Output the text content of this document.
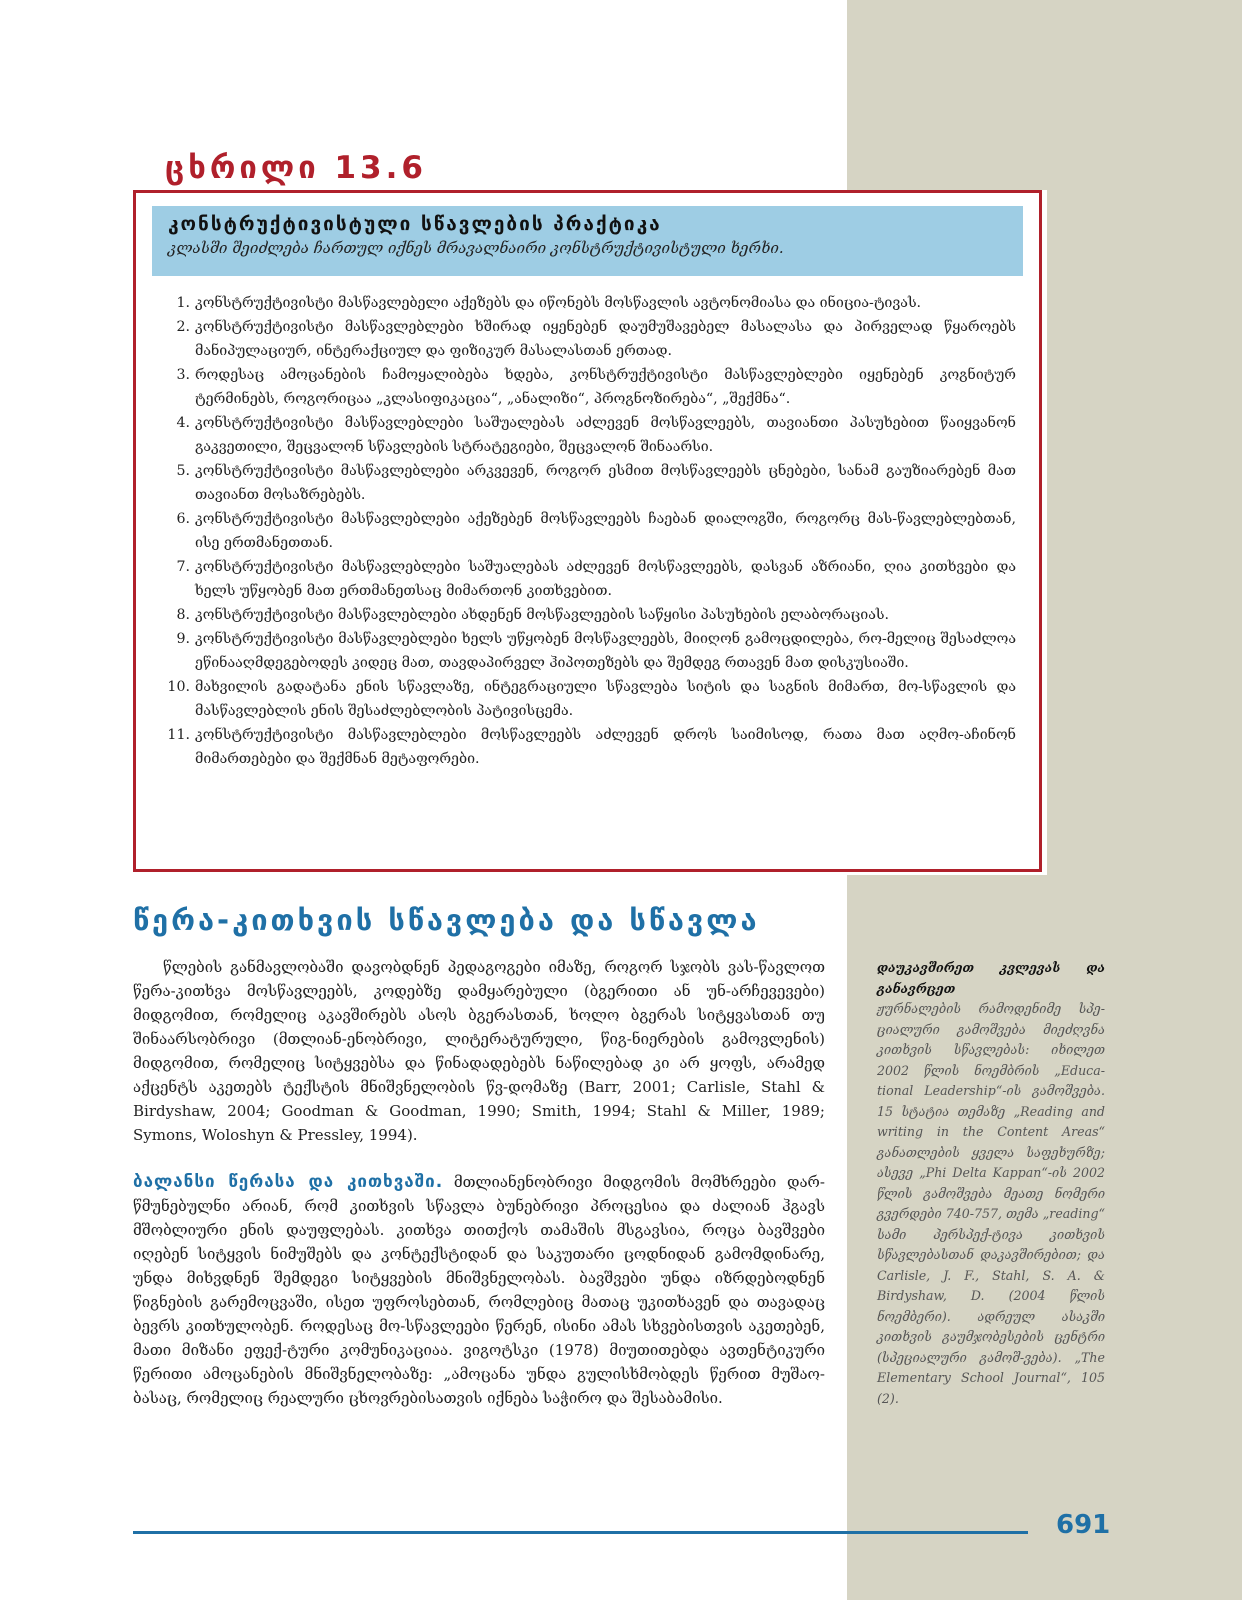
ცხრილი 13.6
კონსტრუქტივისტული სწავლების პრაქტიკა
კლასში შეიძლება ჩართულ იქნეს მრავალნაირი კონსტრუქტივისტული ხერხი.
1. კონსტრუქტივისტი მასწავლებელი აქეზებს და იწონებს მოსწავლის ავტონომიასა და ინიცია-ტივას.
2. კონსტრუქტივისტი მასწავლებლები ხშირად იყენებენ დაუმუშავებელ მასალასა და პირველად წყაროებს მანიპულაციურ, ინტერაქციულ და ფიზიკურ მასალასთან ერთად.
3. როდესაც ამოცანების ჩამოყალიბება ხდება, კონსტრუქტივისტი მასწავლებლები იყენებენ კოგნიტურ ტერმინებს, როგორიცაა „კლასიფიკაცია“, „ანალიზი“, პროგნოზირება“, „შექმნა“.
4. კონსტრუქტივისტი მასწავლებლები საშუალებას აძლევენ მოსწავლეებს, თავიანთი პასუხებით წაიყვანონ გაკვეთილი, შეცვალონ სწავლების სტრატეგიები, შეცვალონ შინაარსი.
5. კონსტრუქტივისტი მასწავლებლები არკვევენ, როგორ ესმით მოსწავლეებს ცნებები, სანამ გაუზიარებენ მათ თავიანთ მოსაზრებებს.
6. კონსტრუქტივისტი მასწავლებლები აქეზებენ მოსწავლეებს ჩაებან დიალოგში, როგორც მას-წავლებლებთან, ისე ერთმანეთთან.
7. კონსტრუქტივისტი მასწავლებლები საშუალებას აძლევენ მოსწავლეებს, დასვან აზრიანი, ღია კითხვები და ხელს უწყობენ მათ ერთმანეთსაც მიმართონ კითხვებით.
8. კონსტრუქტივისტი მასწავლებლები ახდენენ მოსწავლეების საწყისი პასუხების ელაბორაციას.
9. კონსტრუქტივისტი მასწავლებლები ხელს უწყობენ მოსწავლეებს, მიიღონ გამოცდილება, რო-მელიც შესაძლოა ეწინააღმდეგებოდეს კიდეც მათ, თავდაპირველ ჰიპოთეზებს და შემდეგ რთავენ მათ დისკუსიაში.
10. მახვილის გადატანა ენის სწავლაზე, ინტეგრაციული სწავლება სიტის და საგნის მიმართ, მო-სწავლის და მასწავლებლის ენის შესაძლებლობის პატივისცემა.
11. კონსტრუქტივისტი მასწავლებლები მოსწავლეებს აძლევენ დროს საიმისოდ, რათა მათ აღმო-აჩინონ მიმართებები და შექმნან მეტაფორები.
წერა-კითხვის სწავლება და სწავლა

წლების განმავლობაში დავობდნენ პედაგოგები იმაზე, როგორ სჯობს ვას-წავლოთ წერა-კითხვა მოსწავლეებს, კოდებზე დამყარებული (ბგერითი ან უნ-არჩევევები) მიდგომით, რომელიც აკავშირებს ასოს ბგერასთან, ხოლო ბგერას სიტყვასთან თუ შინაარსობრივი (მთლიან-ენობრივი, ლიტერატურული, წიგ-ნიერების გამოვლენის) მიდგომით, რომელიც სიტყვებსა და წინადადებებს ნაწილებად კი არ ყოფს, არამედ აქცენტს აკეთებს ტექსტის მნიშვნელობის წვ-დომაზე (Barr, 2001; Carlisle, Stahl & Birdyshaw, 2004; Goodman & Goodman, 1990; Smith, 1994; Stahl & Miller, 1989; Symons, Woloshyn & Pressley, 1994).

ბალანსი წერასა და კითხვაში. მთლიანენობრივი მიდგომის მომხრეები დარ-წმუნებულნი არიან, რომ კითხვის სწავლა ბუნებრივი პროცესია და ძალიან ჰგავს მშობლიური ენის დაუფლებას. კითხვა თითქოს თამაშის მსგავსია, როცა ბავშვები იღებენ სიტყვის ნიმუშებს და კონტექსტიდან და საკუთარი ცოდნიდან გამომდინარე, უნდა მიხვდნენ შემდეგი სიტყვების მნიშვნელობას. ბავშვები უნდა იზრდებოდნენ წიგნების გარემოცვაში, ისეთ უფროსებთან, რომლებიც მათაც უკითხავენ და თავადაც ბევრს კითხულობენ. როდესაც მო-სწავლეები წერენ, ისინი ამას სხვებისთვის აკეთებენ, მათი მიზანი ეფექ-ტური კომუნიკაციაა. ვიგოტსკი (1978) მიუთითებდა ავთენტიკური წერითი ამოცანების მნიშვნელობაზე: „ამოცანა უნდა გულისხმობდეს წერით მუშაო-ბასაც, რომელიც რეალური ცხოვრებისათვის იქნება საჭირო და შესაბამისი.

დაუკავშირეთ კვლევას და განავრცეთ
ჟურნალების რამოდენიმე სპე-ციალური გამოშვება მიეძღვნა კითხვის სწავლებას: იხილეთ 2002 წლის ნოემბრის „Educa-tional Leadership“-ის გამოშვება. 15 სტატია თემაზე „Reading and writing in the Content Areas“ განათლების ყველა საფეხურზე; ასევე „Phi Delta Kappan“-ის 2002 წლის გამოშვება მეათე ნომერი გვერდები 740-757, თემა „reading“ სამი პერსპექ-ტივა კითხვის სწავლებასთან დაკავშირებით; და Carlisle, J. F., Stahl, S. A. & Birdyshaw, D. (2004 წლის ნოემბერი). ადრეულ ასაკში კითხვის გაუმჯობესების ცენტრი (სპეციალური გამოშ-ვება). „The Elementary School Journal“, 105 (2).
691
